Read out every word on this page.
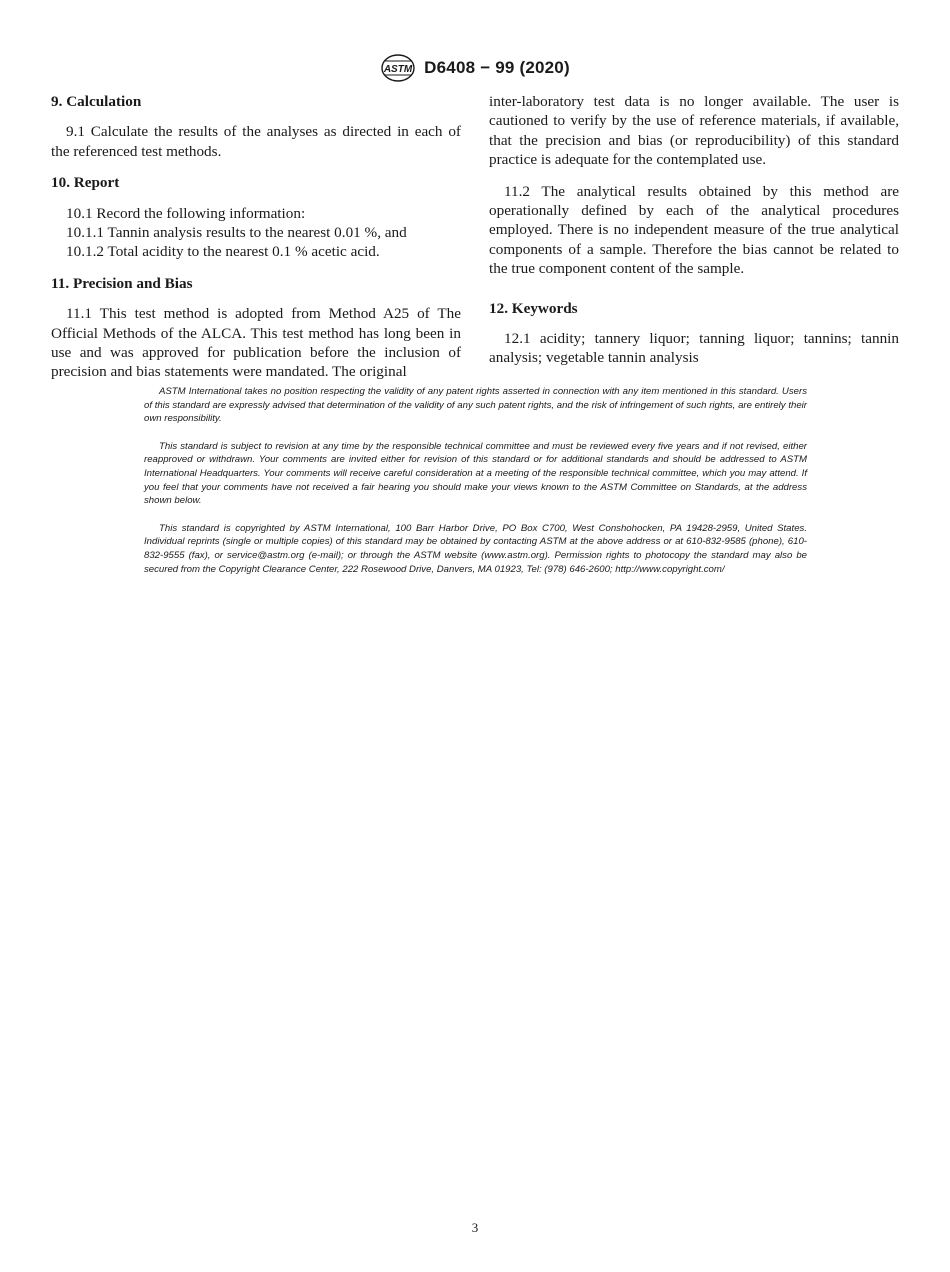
ASTM D6408 − 99 (2020)

9. Calculation

9.1 Calculate the results of the analyses as directed in each of the referenced test methods.

10. Report

10.1 Record the following information:

10.1.1 Tannin analysis results to the nearest 0.01 %, and

10.1.2 Total acidity to the nearest 0.1 % acetic acid.

11. Precision and Bias

11.1 This test method is adopted from Method A25 of The Official Methods of the ALCA. This test method has long been in use and was approved for publication before the inclusion of precision and bias statements were mandated. The original

inter-laboratory test data is no longer available. The user is cautioned to verify by the use of reference materials, if available, that the precision and bias (or reproducibility) of this standard practice is adequate for the contemplated use.

11.2 The analytical results obtained by this method are operationally defined by each of the analytical procedures employed. There is no independent measure of the true analytical components of a sample. Therefore the bias cannot be related to the true component content of the sample.

12. Keywords

12.1 acidity; tannery liquor; tanning liquor; tannins; tannin analysis; vegetable tannin analysis

ASTM International takes no position respecting the validity of any patent rights asserted in connection with any item mentioned in this standard. Users of this standard are expressly advised that determination of the validity of any such patent rights, and the risk of infringement of such rights, are entirely their own responsibility.

This standard is subject to revision at any time by the responsible technical committee and must be reviewed every five years and if not revised, either reapproved or withdrawn. Your comments are invited either for revision of this standard or for additional standards and should be addressed to ASTM International Headquarters. Your comments will receive careful consideration at a meeting of the responsible technical committee, which you may attend. If you feel that your comments have not received a fair hearing you should make your views known to the ASTM Committee on Standards, at the address shown below.

This standard is copyrighted by ASTM International, 100 Barr Harbor Drive, PO Box C700, West Conshohocken, PA 19428-2959, United States. Individual reprints (single or multiple copies) of this standard may be obtained by contacting ASTM at the above address or at 610-832-9585 (phone), 610-832-9555 (fax), or service@astm.org (e-mail); or through the ASTM website (www.astm.org). Permission rights to photocopy the standard may also be secured from the Copyright Clearance Center, 222 Rosewood Drive, Danvers, MA 01923, Tel: (978) 646-2600; http://www.copyright.com/

3
